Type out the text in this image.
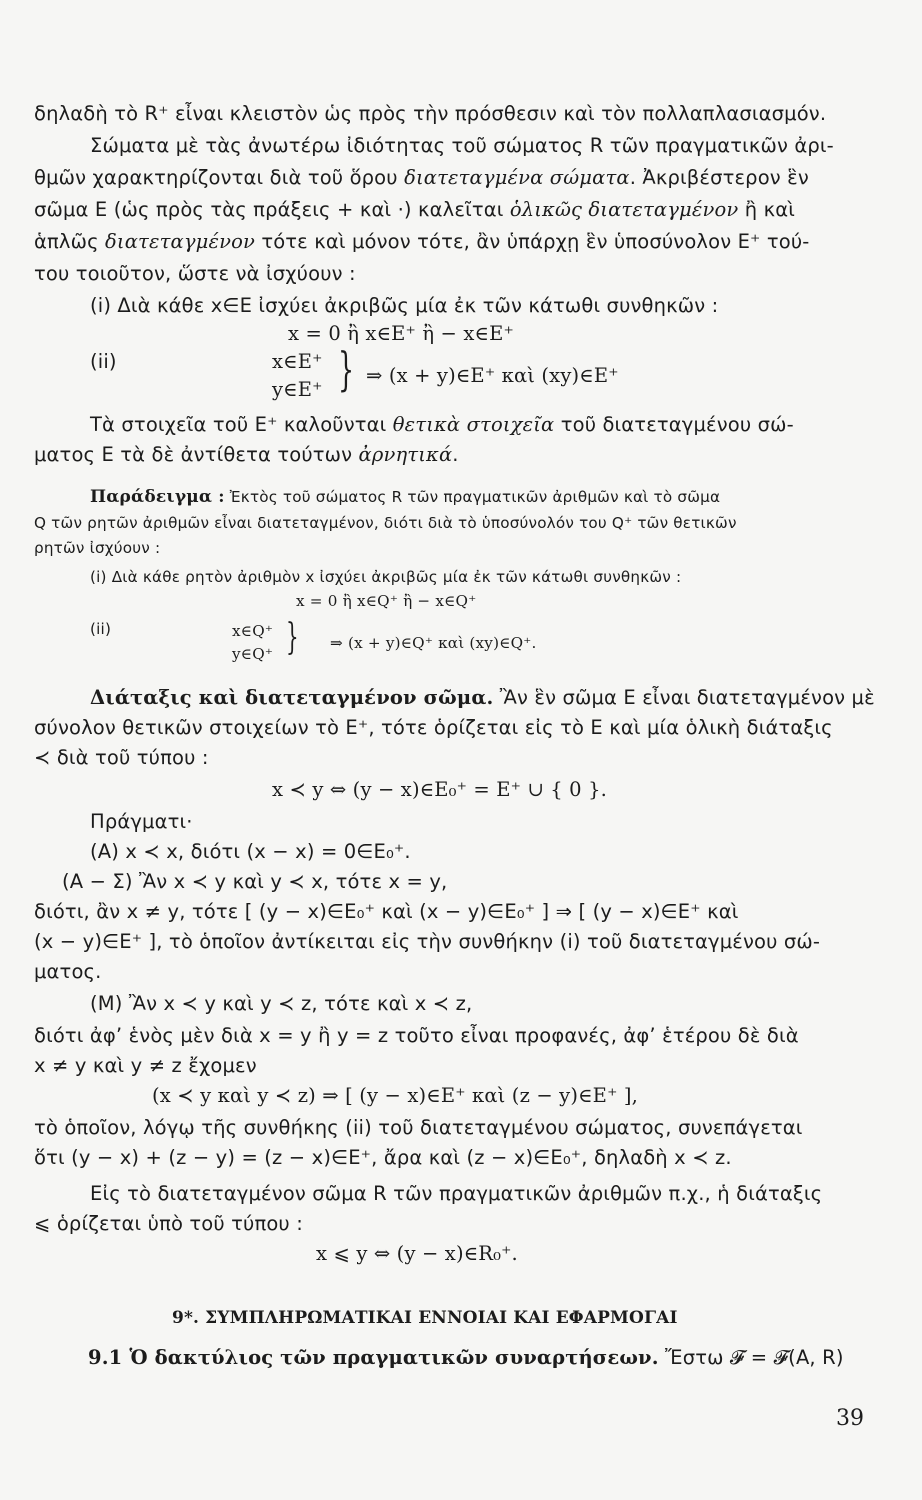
δηλαδὴ τὸ R⁺ εἶναι κλειστὸν ὡς πρὸς τὴν πρόσθεσιν καὶ τὸν πολλαπλασιασμόν.
Σώματα μὲ τὰς ἀνωτέρω ἰδιότητας τοῦ σώματος R τῶν πραγματικῶν ἀρι-
θμῶν χαρακτηρίζονται διὰ τοῦ ὅρου διατεταγμένα σώματα. Ἀκριβέστερον ἓν
σῶμα E (ὡς πρὸς τὰς πράξεις + καὶ ·) καλεῖται ὁλικῶς διατεταγμένον ἢ καὶ
ἁπλῶς διατεταγμένον τότε καὶ μόνον τότε, ἂν ὑπάρχῃ ἓν ὑποσύνολον E⁺ τού-
του τοιοῦτον, ὥστε νὰ ἰσχύουν :
(i) Διὰ κάθε x∈E ἰσχύει ἀκριβῶς μία ἐκ τῶν κάτωθι συνθηκῶν :
x = 0 ἢ x∈E⁺ ἢ − x∈E⁺
(ii)	x∈E⁺
y∈E⁺ } ⇒ (x + y)∈E⁺ καὶ (xy)∈E⁺
Τὰ στοιχεῖα τοῦ E⁺ καλοῦνται θετικὰ στοιχεῖα τοῦ διατεταγμένου σώ-
ματος E τὰ δὲ ἀντίθετα τούτων ἀρνητικά.
Παράδειγμα : Ἐκτὸς τοῦ σώματος R τῶν πραγματικῶν ἀριθμῶν καὶ τὸ σῶμα
Q τῶν ρητῶν ἀριθμῶν εἶναι διατεταγμένον, διότι διὰ τὸ ὑποσύνολόν του Q⁺ τῶν θετικῶν
ρητῶν ἰσχύουν :
(i) Διὰ κάθε ρητὸν ἀριθμὸν x ἰσχύει ἀκριβῶς μία ἐκ τῶν κάτωθι συνθηκῶν :
x = 0 ἢ x∈Q⁺ ἢ − x∈Q⁺
(ii)	x∈Q⁺
y∈Q⁺ } ⇒ (x + y)∈Q⁺ καὶ (xy)∈Q⁺.
Διάταξις καὶ διατεταγμένον σῶμα. Ἂν ἓν σῶμα E εἶναι διατεταγμένον μὲ
σύνολον θετικῶν στοιχείων τὸ E⁺, τότε ὁρίζεται εἰς τὸ E καὶ μία ὁλικὴ διάταξις
≺ διὰ τοῦ τύπου :
x ≺ y ⇔ (y − x)∈E₀⁺ = E⁺ ∪ { 0 }.
Πράγματι·
(A) x ≺ x, διότι (x − x) = 0∈E₀⁺.
(A − Σ) Ἂν x ≺ y καὶ y ≺ x, τότε x = y,
διότι, ἂν x ≠ y, τότε [ (y − x)∈E₀⁺ καὶ (x − y)∈E₀⁺ ] ⇒ [ (y − x)∈E⁺ καὶ
(x − y)∈E⁺ ], τὸ ὁποῖον ἀντίκειται εἰς τὴν συνθήκην (i) τοῦ διατεταγμένου σώ-
ματος.
(M) Ἂν x ≺ y καὶ y ≺ z, τότε καὶ x ≺ z,
διότι ἀφ’ ἑνὸς μὲν διὰ x = y ἢ y = z τοῦτο εἶναι προφανές, ἀφ’ ἑτέρου δὲ διὰ
x ≠ y καὶ y ≠ z ἔχομεν
(x ≺ y καὶ y ≺ z) ⇒ [ (y − x)∈E⁺ καὶ (z − y)∈E⁺ ],
τὸ ὁποῖον, λόγῳ τῆς συνθήκης (ii) τοῦ διατεταγμένου σώματος, συνεπάγεται
ὅτι (y − x) + (z − y) = (z − x)∈E⁺, ἄρα καὶ (z − x)∈E₀⁺, δηλαδὴ x ≺ z.
Εἰς τὸ διατεταγμένον σῶμα R τῶν πραγματικῶν ἀριθμῶν π.χ., ἡ διάταξις
⩽ ὁρίζεται ὑπὸ τοῦ τύπου :
x ⩽ y ⇔ (y − x)∈R₀⁺.
9*. ΣΥΜΠΛΗΡΩΜΑΤΙΚΑΙ ΕΝΝΟΙΑΙ ΚΑΙ ΕΦΑΡΜΟΓΑΙ
9.1 Ὁ δακτύλιος τῶν πραγματικῶν συναρτήσεων. Ἔστω 𝓕 = 𝓕(A, R)
39
